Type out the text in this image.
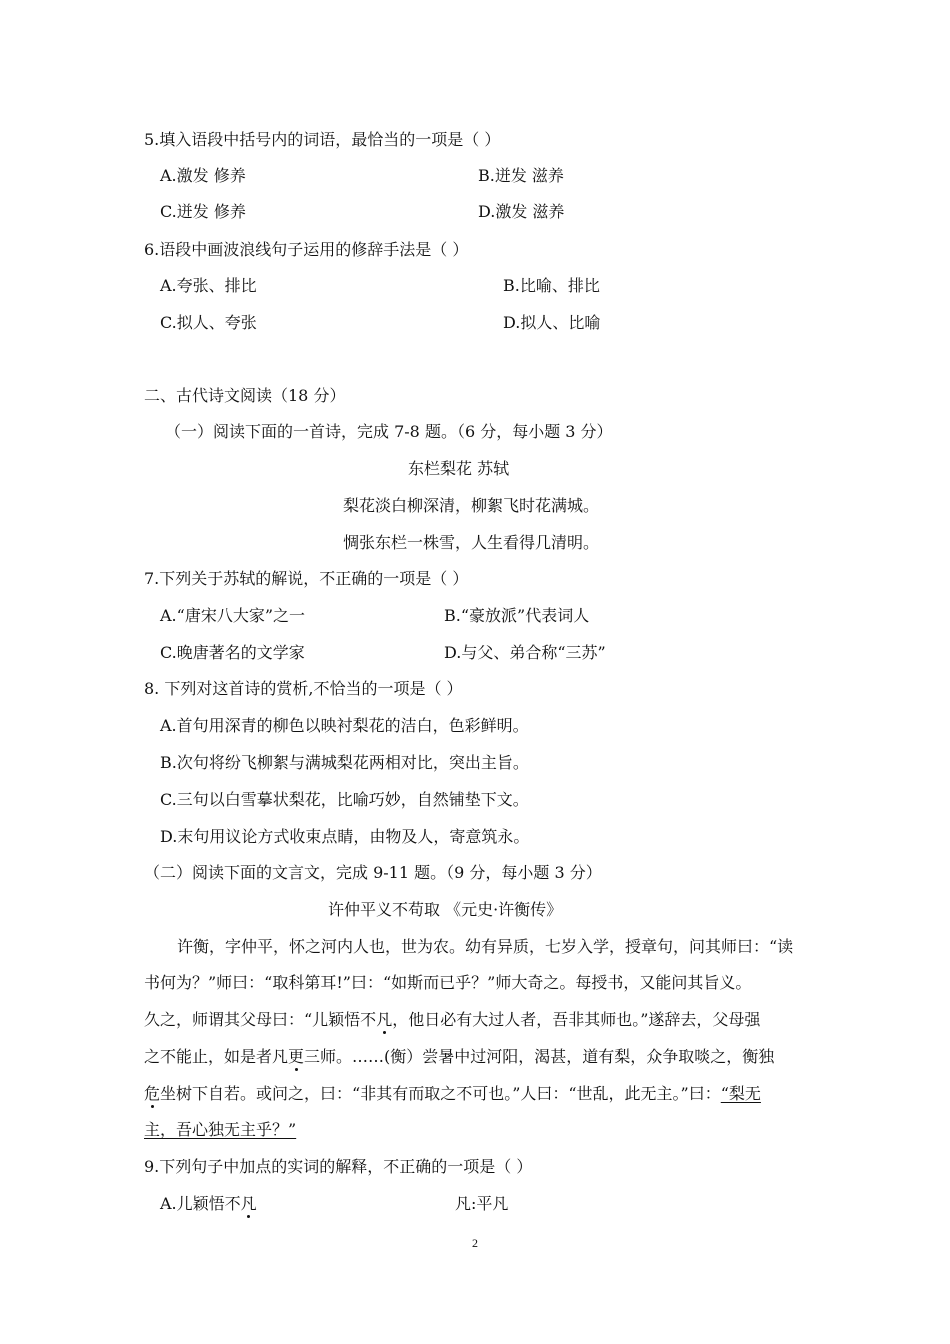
5.填入语段中括号内的词语，最恰当的一项是（ ）
A.激发 修养	B.迸发 滋养
C.迸发 修养	D.激发 滋养
6.语段中画波浪线句子运用的修辞手法是（ ）
A.夸张、排比	B.比喻、排比
C.拟人、夸张	D.拟人、比喻
二、古代诗文阅读（18 分）
（一）阅读下面的一首诗，完成 7-8 题。（6 分，每小题 3 分）
东栏梨花 苏轼
梨花淡白柳深清，柳絮飞时花满城。
惆张东栏一株雪，人生看得几清明。
7.下列关于苏轼的解说，不正确的一项是（ ）
A.“唐宋八大家”之一	B.“豪放派”代表词人
C.晚唐著名的文学家	D.与父、弟合称“三苏”
8. 下列对这首诗的赏析,不恰当的一项是（ ）
A.首句用深青的柳色以映衬梨花的洁白，色彩鲜明。
B.次句将纷飞柳絮与满城梨花两相对比，突出主旨。
C.三句以白雪摹状梨花，比喻巧妙，自然铺垫下文。
D.末句用议论方式收束点睛，由物及人，寄意筑永。
（二）阅读下面的文言文，完成 9-11 题。（9 分，每小题 3 分）
许仲平义不苟取 《元史·许衡传》
许衡，字仲平，怀之河内人也，世为农。幼有异质，七岁入学，授章句，问其师曰：“读
书何为？”师曰：“取科第耳!”曰：“如斯而已乎？”师大奇之。每授书，又能问其旨义。
久之，师谓其父母曰：“儿颖悟不凡，他日必有大过人者，吾非其师也。”遂辞去，父母强
之不能止，如是者凡更三师。……(衡）尝暑中过河阳，渴甚，道有梨，众争取啖之，衡独
危坐树下自若。或问之，曰：“非其有而取之不可也。”人曰：“世乱，此无主。”曰：“梨无
主，吾心独无主乎？”
9.下列句子中加点的实词的解释，不正确的一项是（ ）
A.儿颖悟不凡	凡:平凡
2
